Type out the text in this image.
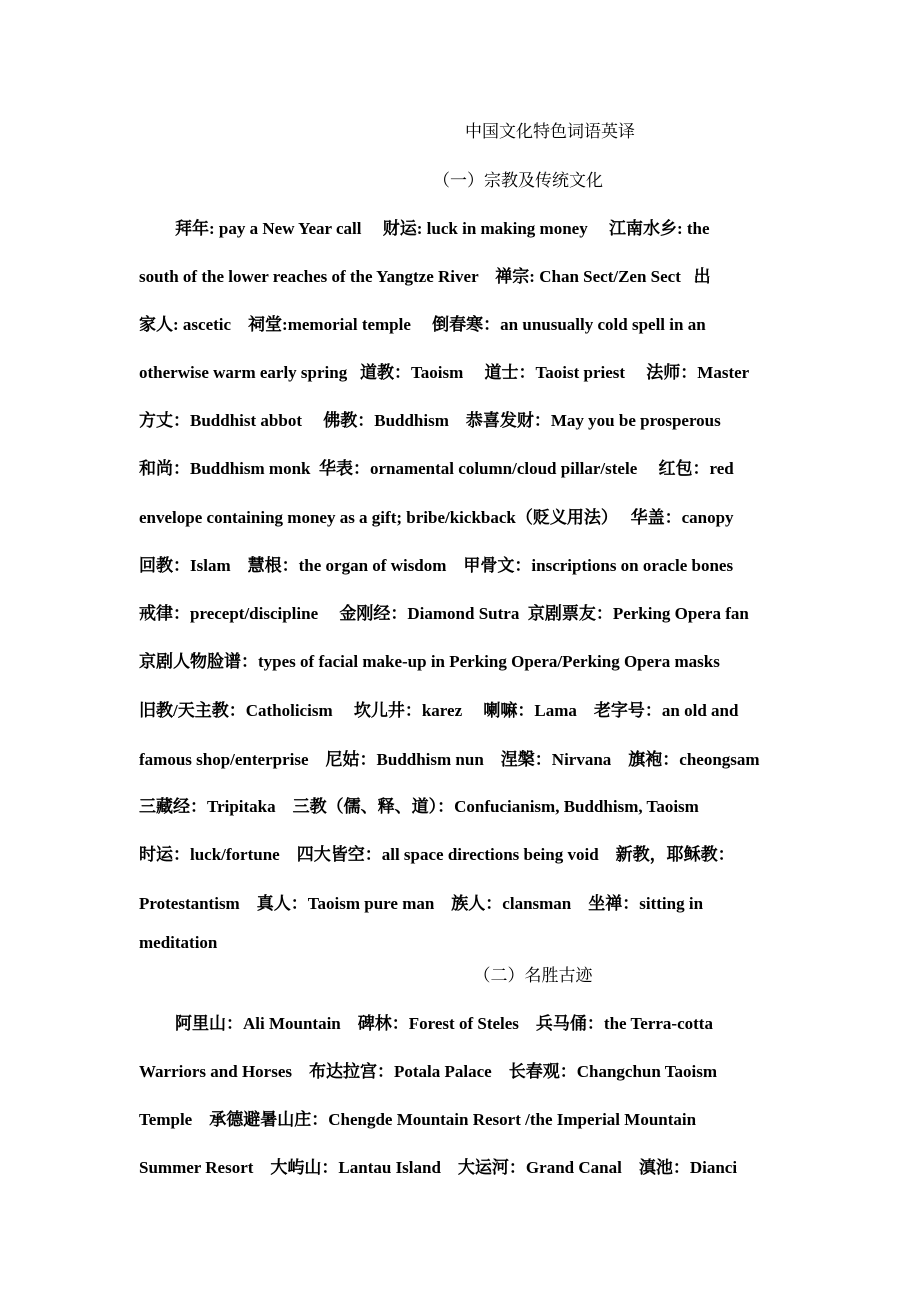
中国文化特色词语英译
（一）宗教及传统文化
拜年: pay a New Year call     财运: luck in making money     江南水乡: the
south of the lower reaches of the Yangtze River    禅宗: Chan Sect/Zen Sect   出
家人: ascetic    祠堂:memorial temple     倒春寒：an unusually cold spell in an
otherwise warm early spring   道教：Taoism     道士：Taoist priest     法师：Master
方丈：Buddhist abbot     佛教：Buddhism    恭喜发财：May you be prosperous
和尚：Buddhism monk  华表：ornamental column/cloud pillar/stele     红包：red
envelope containing money as a gift; bribe/kickback（贬义用法）   华盖：canopy
回教：Islam    慧根：the organ of wisdom    甲骨文：inscriptions on oracle bones
戒律：precept/discipline     金刚经：Diamond Sutra  京剧票友：Perking Opera fan
京剧人物脸谱：types of facial make-up in Perking Opera/Perking Opera masks
旧教/天主教：Catholicism     坎儿井：karez     喇嘛：Lama    老字号：an old and
famous shop/enterprise    尼姑：Buddhism nun    涅槃：Nirvana    旗袍：cheongsam
三藏经：Tripitaka    三教（儒、释、道）：Confucianism, Buddhism, Taoism
时运：luck/fortune    四大皆空：all space directions being void    新教，耶稣教：
Protestantism    真人：Taoism pure man    族人：clansman    坐禅：sitting in
meditation
（二）名胜古迹
阿里山：Ali Mountain    碑林：Forest of Steles    兵马俑：the Terra-cotta
Warriors and Horses    布达拉宫：Potala Palace    长春观：Changchun Taoism
Temple    承德避暑山庄：Chengde Mountain Resort /the Imperial Mountain
Summer Resort    大屿山：Lantau Island    大运河：Grand Canal    滇池：Dianci
